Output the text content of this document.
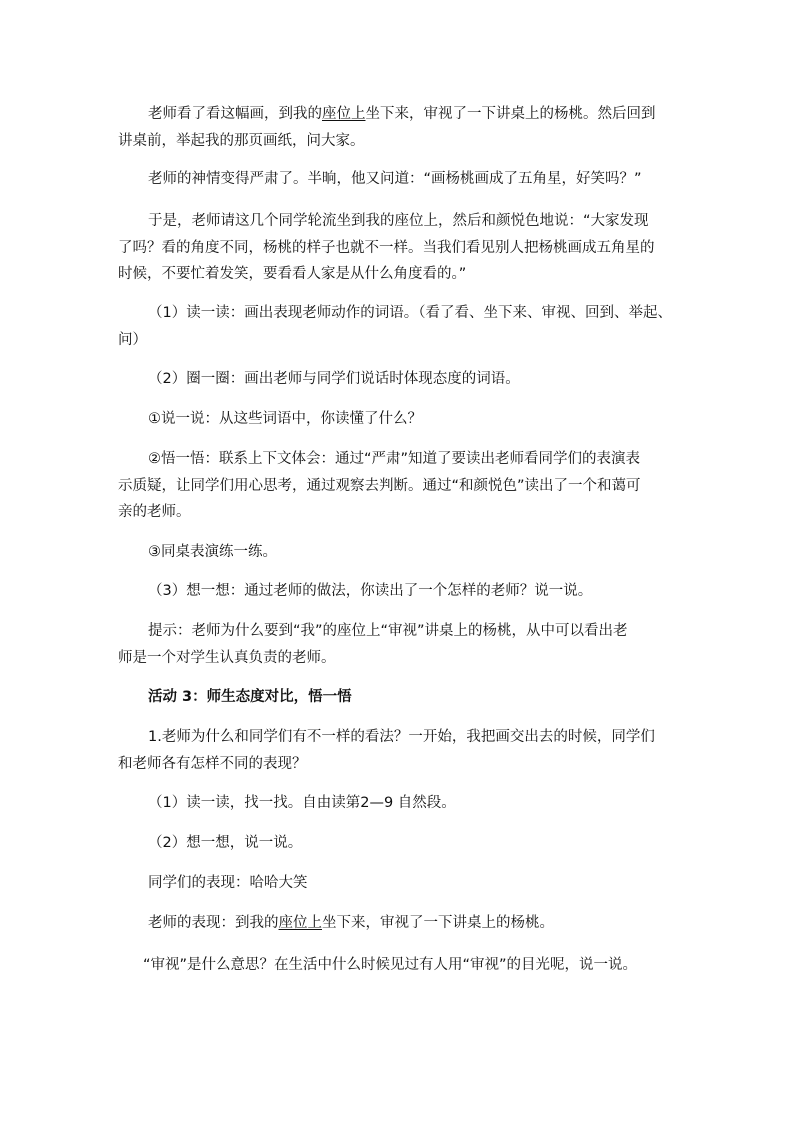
老师看了看这幅画，到我的座位上坐下来，审视了一下讲桌上的杨桃。然后回到
讲桌前，举起我的那页画纸，问大家。
老师的神情变得严肃了。半晌，他又问道：“画杨桃画成了五角星，好笑吗？”
于是，老师请这几个同学轮流坐到我的座位上，然后和颜悦色地说：“大家发现
了吗？看的角度不同，杨桃的样子也就不一样。当我们看见别人把杨桃画成五角星的
时候，不要忙着发笑，要看看人家是从什么角度看的。”
（1）读一读：画出表现老师动作的词语。（看了看、坐下来、审视、回到、举起、
问）
（2）圈一圈：画出老师与同学们说话时体现态度的词语。
①说一说：从这些词语中，你读懂了什么？
②悟一悟：联系上下文体会：通过“严肃”知道了要读出老师看同学们的表演表
示质疑，让同学们用心思考，通过观察去判断。通过“和颜悦色”读出了一个和蔼可
亲的老师。
③同桌表演练一练。
（3）想一想：通过老师的做法，你读出了一个怎样的老师？说一说。
提示：老师为什么要到“我”的座位上“审视”讲桌上的杨桃，从中可以看出老
师是一个对学生认真负责的老师。
活动 3：师生态度对比，悟一悟
1.老师为什么和同学们有不一样的看法？一开始，我把画交出去的时候，同学们
和老师各有怎样不同的表现？
（1）读一读，找一找。自由读第2—9 自然段。
（2）想一想，说一说。
同学们的表现：哈哈大笑
老师的表现：到我的座位上坐下来，审视了一下讲桌上的杨桃。
“审视”是什么意思？在生活中什么时候见过有人用“审视”的目光呢，说一说。
